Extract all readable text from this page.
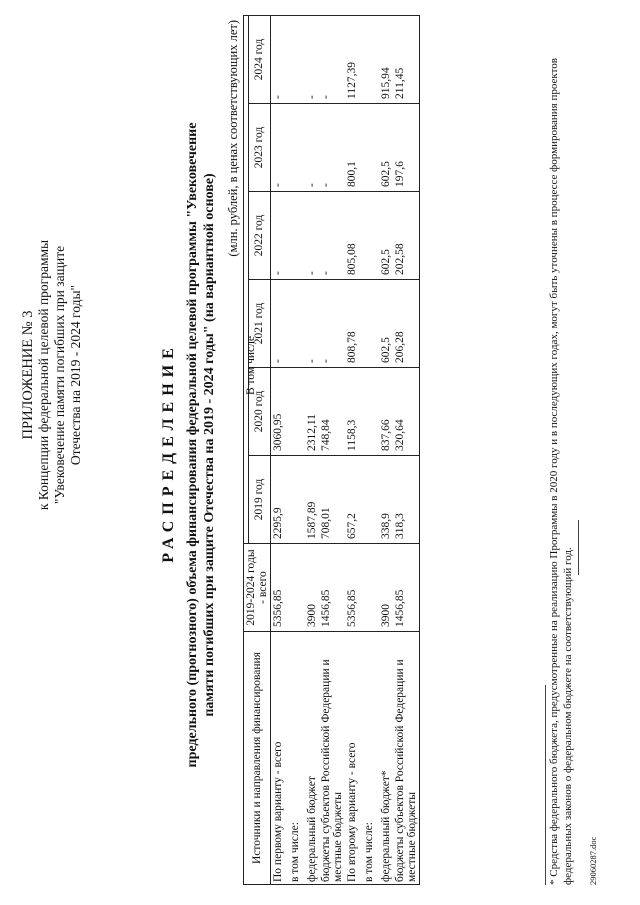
ПРИЛОЖЕНИЕ № 3 к Концепции федеральной целевой программы "Увековечение памяти погибших при защите Отечества на 2019 - 2024 годы"	РАСПРЕДЕЛЕНИЕ предельного (прогнозного) объема финансирования федеральной целевой программы "Увековечение памяти погибших при защите Отечества на 2019 - 2024 годы" (на вариантной основе)
(млн. рублей, в ценах соответствующих лет)
Источники и направления финансирования	2019-2024 годы - всего						
		2019 год	2020 год	2021 год	2022 год	2023 год	2024 год
По первому варианту - всего	5356,85	2295,9	3060,95	-	-	-	-
в том числе:							
федеральный бюджет	3900	1587,89	2312,11	-	-	-	-
бюджеты субъектов Российской Федерации и местные бюджеты	1456,85	708,01	748,84	-	-	-	-
По второму варианту - всего	5356,85	657,2	1158,3	808,78	805,08	800,1	1127,39
в том числе:							
федеральный бюджет*	3900	338,9	837,66	602,5	602,5	602,5	915,94
бюджеты субъектов Российской Федерации и местные бюджеты	1456,85	318,3	320,64	206,28	202,58	197,6	211,45
В том числе	* Средства федерального бюджета, предусмотренные на реализацию Программы в 2020 году и в последующих годах, могут быть уточнены в процессе формирования проектов федеральных законов о федеральном бюджете на соответствующий год. 29060287.doc
